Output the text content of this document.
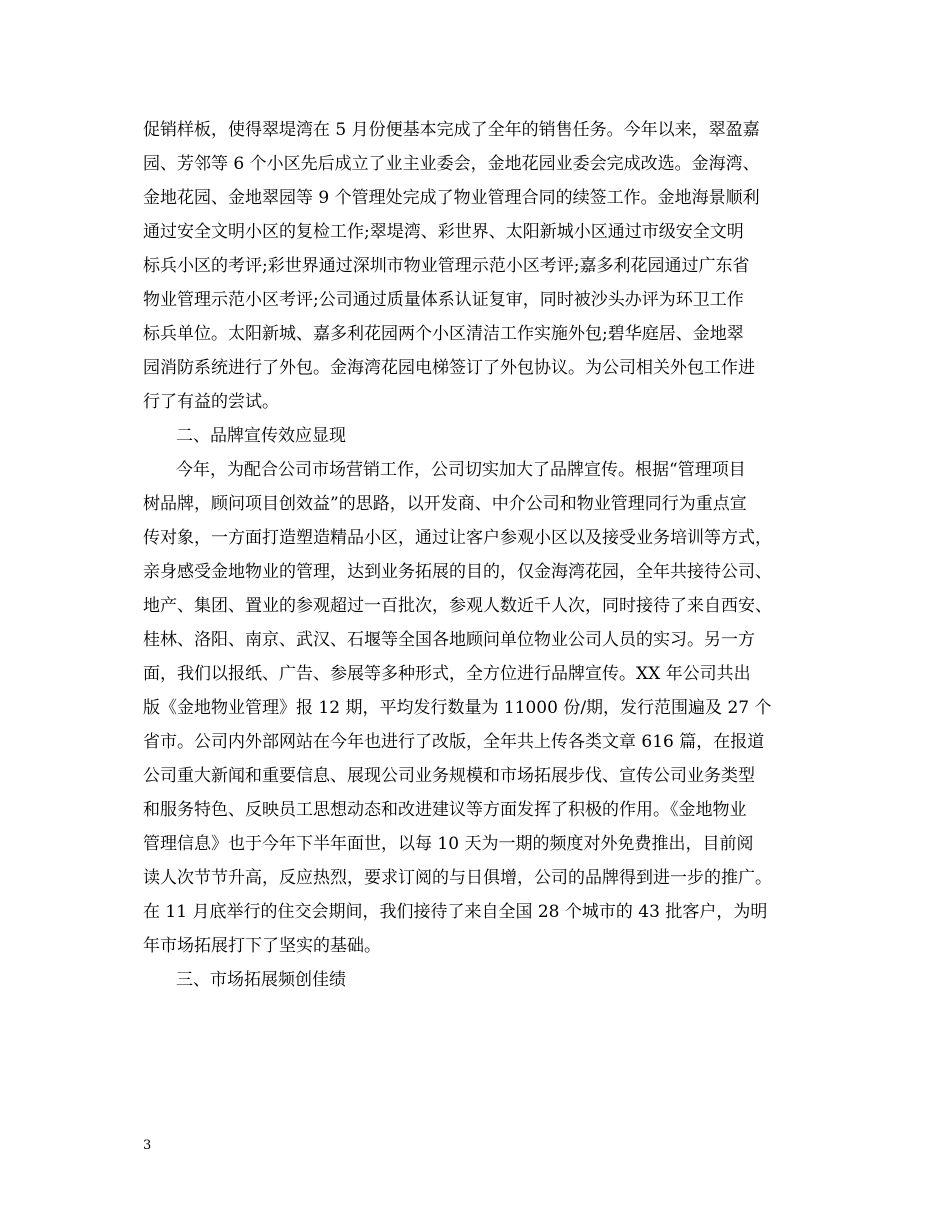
促销样板，使得翠堤湾在 5 月份便基本完成了全年的销售任务。今年以来，翠盈嘉
园、芳邻等 6 个小区先后成立了业主业委会，金地花园业委会完成改选。金海湾、
金地花园、金地翠园等 9 个管理处完成了物业管理合同的续签工作。金地海景顺利
通过安全文明小区的复检工作;翠堤湾、彩世界、太阳新城小区通过市级安全文明
标兵小区的考评;彩世界通过深圳市物业管理示范小区考评;嘉多利花园通过广东省
物业管理示范小区考评;公司通过质量体系认证复审，同时被沙头办评为环卫工作
标兵单位。太阳新城、嘉多利花园两个小区清洁工作实施外包;碧华庭居、金地翠
园消防系统进行了外包。金海湾花园电梯签订了外包协议。为公司相关外包工作进
行了有益的尝试。
二、品牌宣传效应显现
今年，为配合公司市场营销工作，公司切实加大了品牌宣传。根据“管理项目
树品牌，顾问项目创效益”的思路，以开发商、中介公司和物业管理同行为重点宣
传对象，一方面打造塑造精品小区，通过让客户参观小区以及接受业务培训等方式，
亲身感受金地物业的管理，达到业务拓展的目的，仅金海湾花园，全年共接待公司、
地产、集团、置业的参观超过一百批次，参观人数近千人次，同时接待了来自西安、
桂林、洛阳、南京、武汉、石堰等全国各地顾问单位物业公司人员的实习。另一方
面，我们以报纸、广告、参展等多种形式，全方位进行品牌宣传。XX 年公司共出
版《金地物业管理》报 12 期，平均发行数量为 11000 份/期，发行范围遍及 27 个
省市。公司内外部网站在今年也进行了改版，全年共上传各类文章 616 篇，在报道
公司重大新闻和重要信息、展现公司业务规模和市场拓展步伐、宣传公司业务类型
和服务特色、反映员工思想动态和改进建议等方面发挥了积极的作用。《金地物业
管理信息》也于今年下半年面世，以每 10 天为一期的频度对外免费推出，目前阅
读人次节节升高，反应热烈，要求订阅的与日俱增，公司的品牌得到进一步的推广。
在 11 月底举行的住交会期间，我们接待了来自全国 28 个城市的 43 批客户，为明
年市场拓展打下了坚实的基础。
三、市场拓展频创佳绩
3
